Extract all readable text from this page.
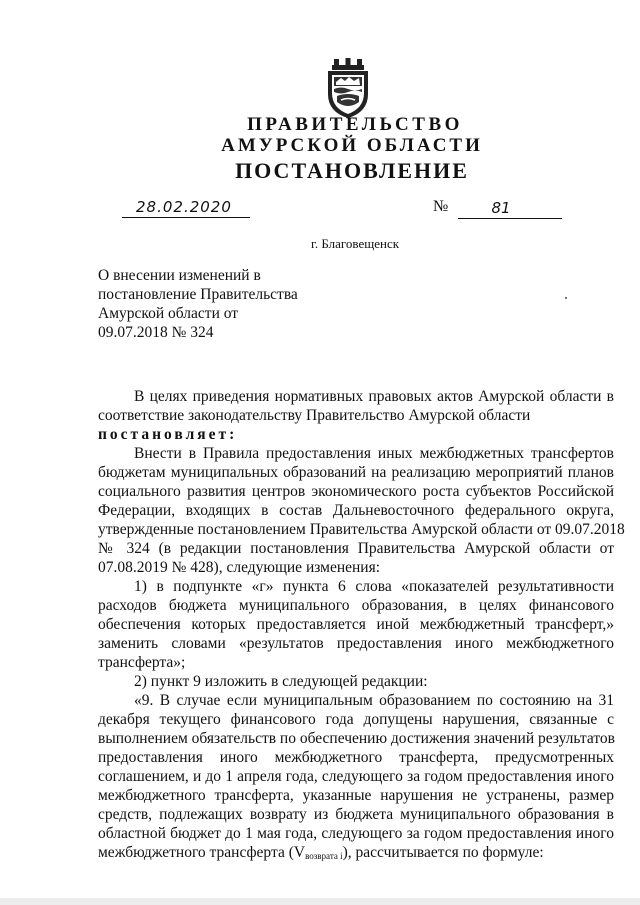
ПРАВИТЕЛЬСТВО
АМУРСКОЙ ОБЛАСТИ
ПОСТАНОВЛЕНИЕ
28.02.2020	№	81
г. Благовещенск
О внесении изменений в
постановление Правительства
Амурской области от
09.07.2018 № 324
В целях приведения нормативных правовых актов Амурской области в
соответствие законодательству Правительство Амурской области
постановляет:
Внести в Правила предоставления иных межбюджетных трансфертов
бюджетам муниципальных образований на реализацию мероприятий планов
социального развития центров экономического роста субъектов Российской
Федерации, входящих в состав Дальневосточного федерального округа,
утвержденные постановлением Правительства Амурской области от 09.07.2018
№ 324 (в редакции постановления Правительства Амурской области от
07.08.2019 № 428), следующие изменения:
1) в подпункте «г» пункта 6 слова «показателей результативности
расходов бюджета муниципального образования, в целях финансового
обеспечения которых предоставляется иной межбюджетный трансферт,»
заменить словами «результатов предоставления иного межбюджетного
трансферта»;
2) пункт 9 изложить в следующей редакции:
«9. В случае если муниципальным образованием по состоянию на 31
декабря текущего финансового года допущены нарушения, связанные с
выполнением обязательств по обеспечению достижения значений результатов
предоставления иного межбюджетного трансферта, предусмотренных
соглашением, и до 1 апреля года, следующего за годом предоставления иного
межбюджетного трансферта, указанные нарушения не устранены, размер
средств, подлежащих возврату из бюджета муниципального образования в
областной бюджет до 1 мая года, следующего за годом предоставления иного
межбюджетного трансферта $(V_{возврата i})$, рассчитывается по формуле:
